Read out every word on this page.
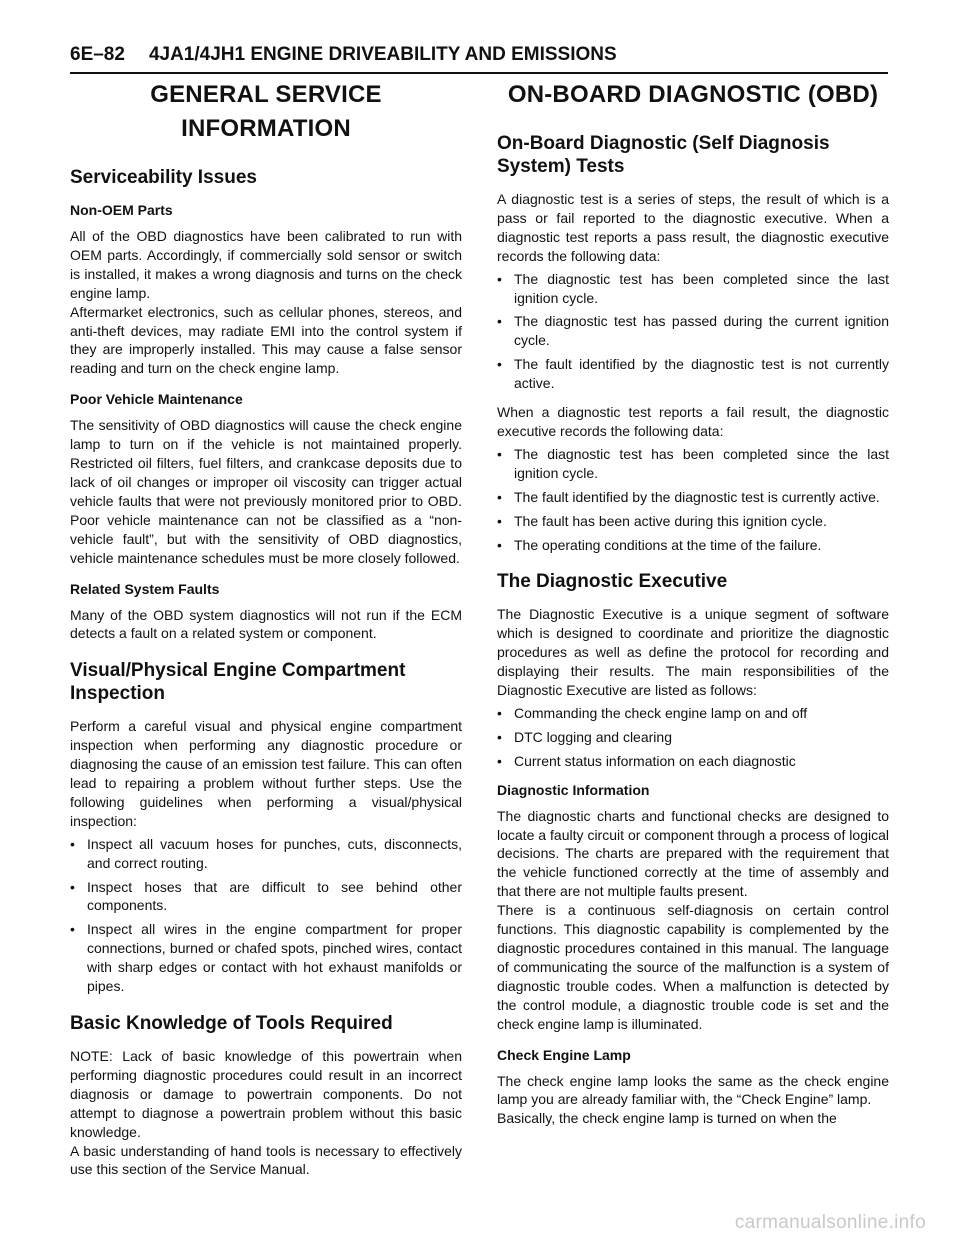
6E–82 4JA1/4JH1 ENGINE DRIVEABILITY AND EMISSIONS
GENERAL SERVICE INFORMATION
Serviceability Issues
Non-OEM Parts
All of the OBD diagnostics have been calibrated to run with OEM parts. Accordingly, if commercially sold sensor or switch is installed, it makes a wrong diagnosis and turns on the check engine lamp.
Aftermarket electronics, such as cellular phones, stereos, and anti-theft devices, may radiate EMI into the control system if they are improperly installed. This may cause a false sensor reading and turn on the check engine lamp.
Poor Vehicle Maintenance
The sensitivity of OBD diagnostics will cause the check engine lamp to turn on if the vehicle is not maintained properly. Restricted oil filters, fuel filters, and crankcase deposits due to lack of oil changes or improper oil viscosity can trigger actual vehicle faults that were not previously monitored prior to OBD. Poor vehicle maintenance can not be classified as a “non-vehicle fault”, but with the sensitivity of OBD diagnostics, vehicle maintenance schedules must be more closely followed.
Related System Faults
Many of the OBD system diagnostics will not run if the ECM detects a fault on a related system or component.
Visual/Physical Engine Compartment Inspection
Perform a careful visual and physical engine compartment inspection when performing any diagnostic procedure or diagnosing the cause of an emission test failure. This can often lead to repairing a problem without further steps. Use the following guidelines when performing a visual/physical inspection:
• Inspect all vacuum hoses for punches, cuts, disconnects, and correct routing.
• Inspect hoses that are difficult to see behind other components.
• Inspect all wires in the engine compartment for proper connections, burned or chafed spots, pinched wires, contact with sharp edges or contact with hot exhaust manifolds or pipes.
Basic Knowledge of Tools Required
NOTE: Lack of basic knowledge of this powertrain when performing diagnostic procedures could result in an incorrect diagnosis or damage to powertrain components. Do not attempt to diagnose a powertrain problem without this basic knowledge.
A basic understanding of hand tools is necessary to effectively use this section of the Service Manual.
ON-BOARD DIAGNOSTIC (OBD)
On-Board Diagnostic (Self Diagnosis System) Tests
A diagnostic test is a series of steps, the result of which is a pass or fail reported to the diagnostic executive. When a diagnostic test reports a pass result, the diagnostic executive records the following data:
• The diagnostic test has been completed since the last ignition cycle.
• The diagnostic test has passed during the current ignition cycle.
• The fault identified by the diagnostic test is not currently active.
When a diagnostic test reports a fail result, the diagnostic executive records the following data:
• The diagnostic test has been completed since the last ignition cycle.
• The fault identified by the diagnostic test is currently active.
• The fault has been active during this ignition cycle.
• The operating conditions at the time of the failure.
The Diagnostic Executive
The Diagnostic Executive is a unique segment of software which is designed to coordinate and prioritize the diagnostic procedures as well as define the protocol for recording and displaying their results. The main responsibilities of the Diagnostic Executive are listed as follows:
• Commanding the check engine lamp on and off
• DTC logging and clearing
• Current status information on each diagnostic
Diagnostic Information
The diagnostic charts and functional checks are designed to locate a faulty circuit or component through a process of logical decisions. The charts are prepared with the requirement that the vehicle functioned correctly at the time of assembly and that there are not multiple faults present.
There is a continuous self-diagnosis on certain control functions. This diagnostic capability is complemented by the diagnostic procedures contained in this manual. The language of communicating the source of the malfunction is a system of diagnostic trouble codes. When a malfunction is detected by the control module, a diagnostic trouble code is set and the check engine lamp is illuminated.
Check Engine Lamp
The check engine lamp looks the same as the check engine lamp you are already familiar with, the “Check Engine” lamp.
Basically, the check engine lamp is turned on when the
carmanualsonline.info
